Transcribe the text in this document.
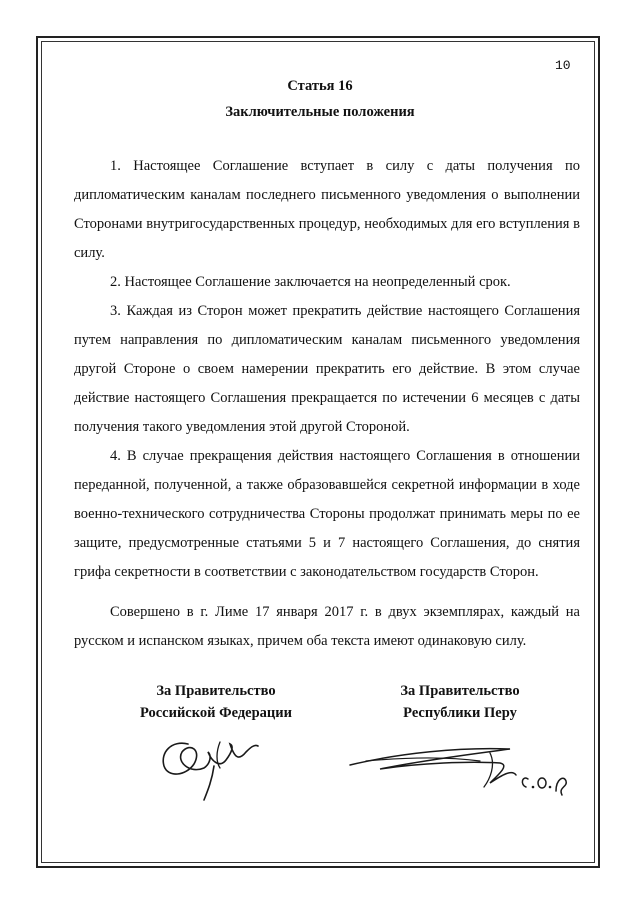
10
Статья 16
Заключительные положения

1. Настоящее Соглашение вступает в силу с даты получения по дипломатическим каналам последнего письменного уведомления о выполнении Сторонами внутригосударственных процедур, необходимых для его вступления в силу.

2. Настоящее Соглашение заключается на неопределенный срок.

3. Каждая из Сторон может прекратить действие настоящего Соглашения путем направления по дипломатическим каналам письменного уведомления другой Стороне о своем намерении прекратить его действие. В этом случае действие настоящего Соглашения прекращается по истечении 6 месяцев с даты получения такого уведомления этой другой Стороной.

4. В случае прекращения действия настоящего Соглашения в отношении переданной, полученной, а также образовавшейся секретной информации в ходе военно-технического сотрудничества Стороны продолжат принимать меры по ее защите, предусмотренные статьями 5 и 7 настоящего Соглашения, до снятия грифа секретности в соответствии с законодательством государств Сторон.

Совершено в г. Лиме 17 января 2017 г. в двух экземплярах, каждый на русском и испанском языках, причем оба текста имеют одинаковую силу.

За Правительство
Российской Федерации
За Правительство
Республики Перу
